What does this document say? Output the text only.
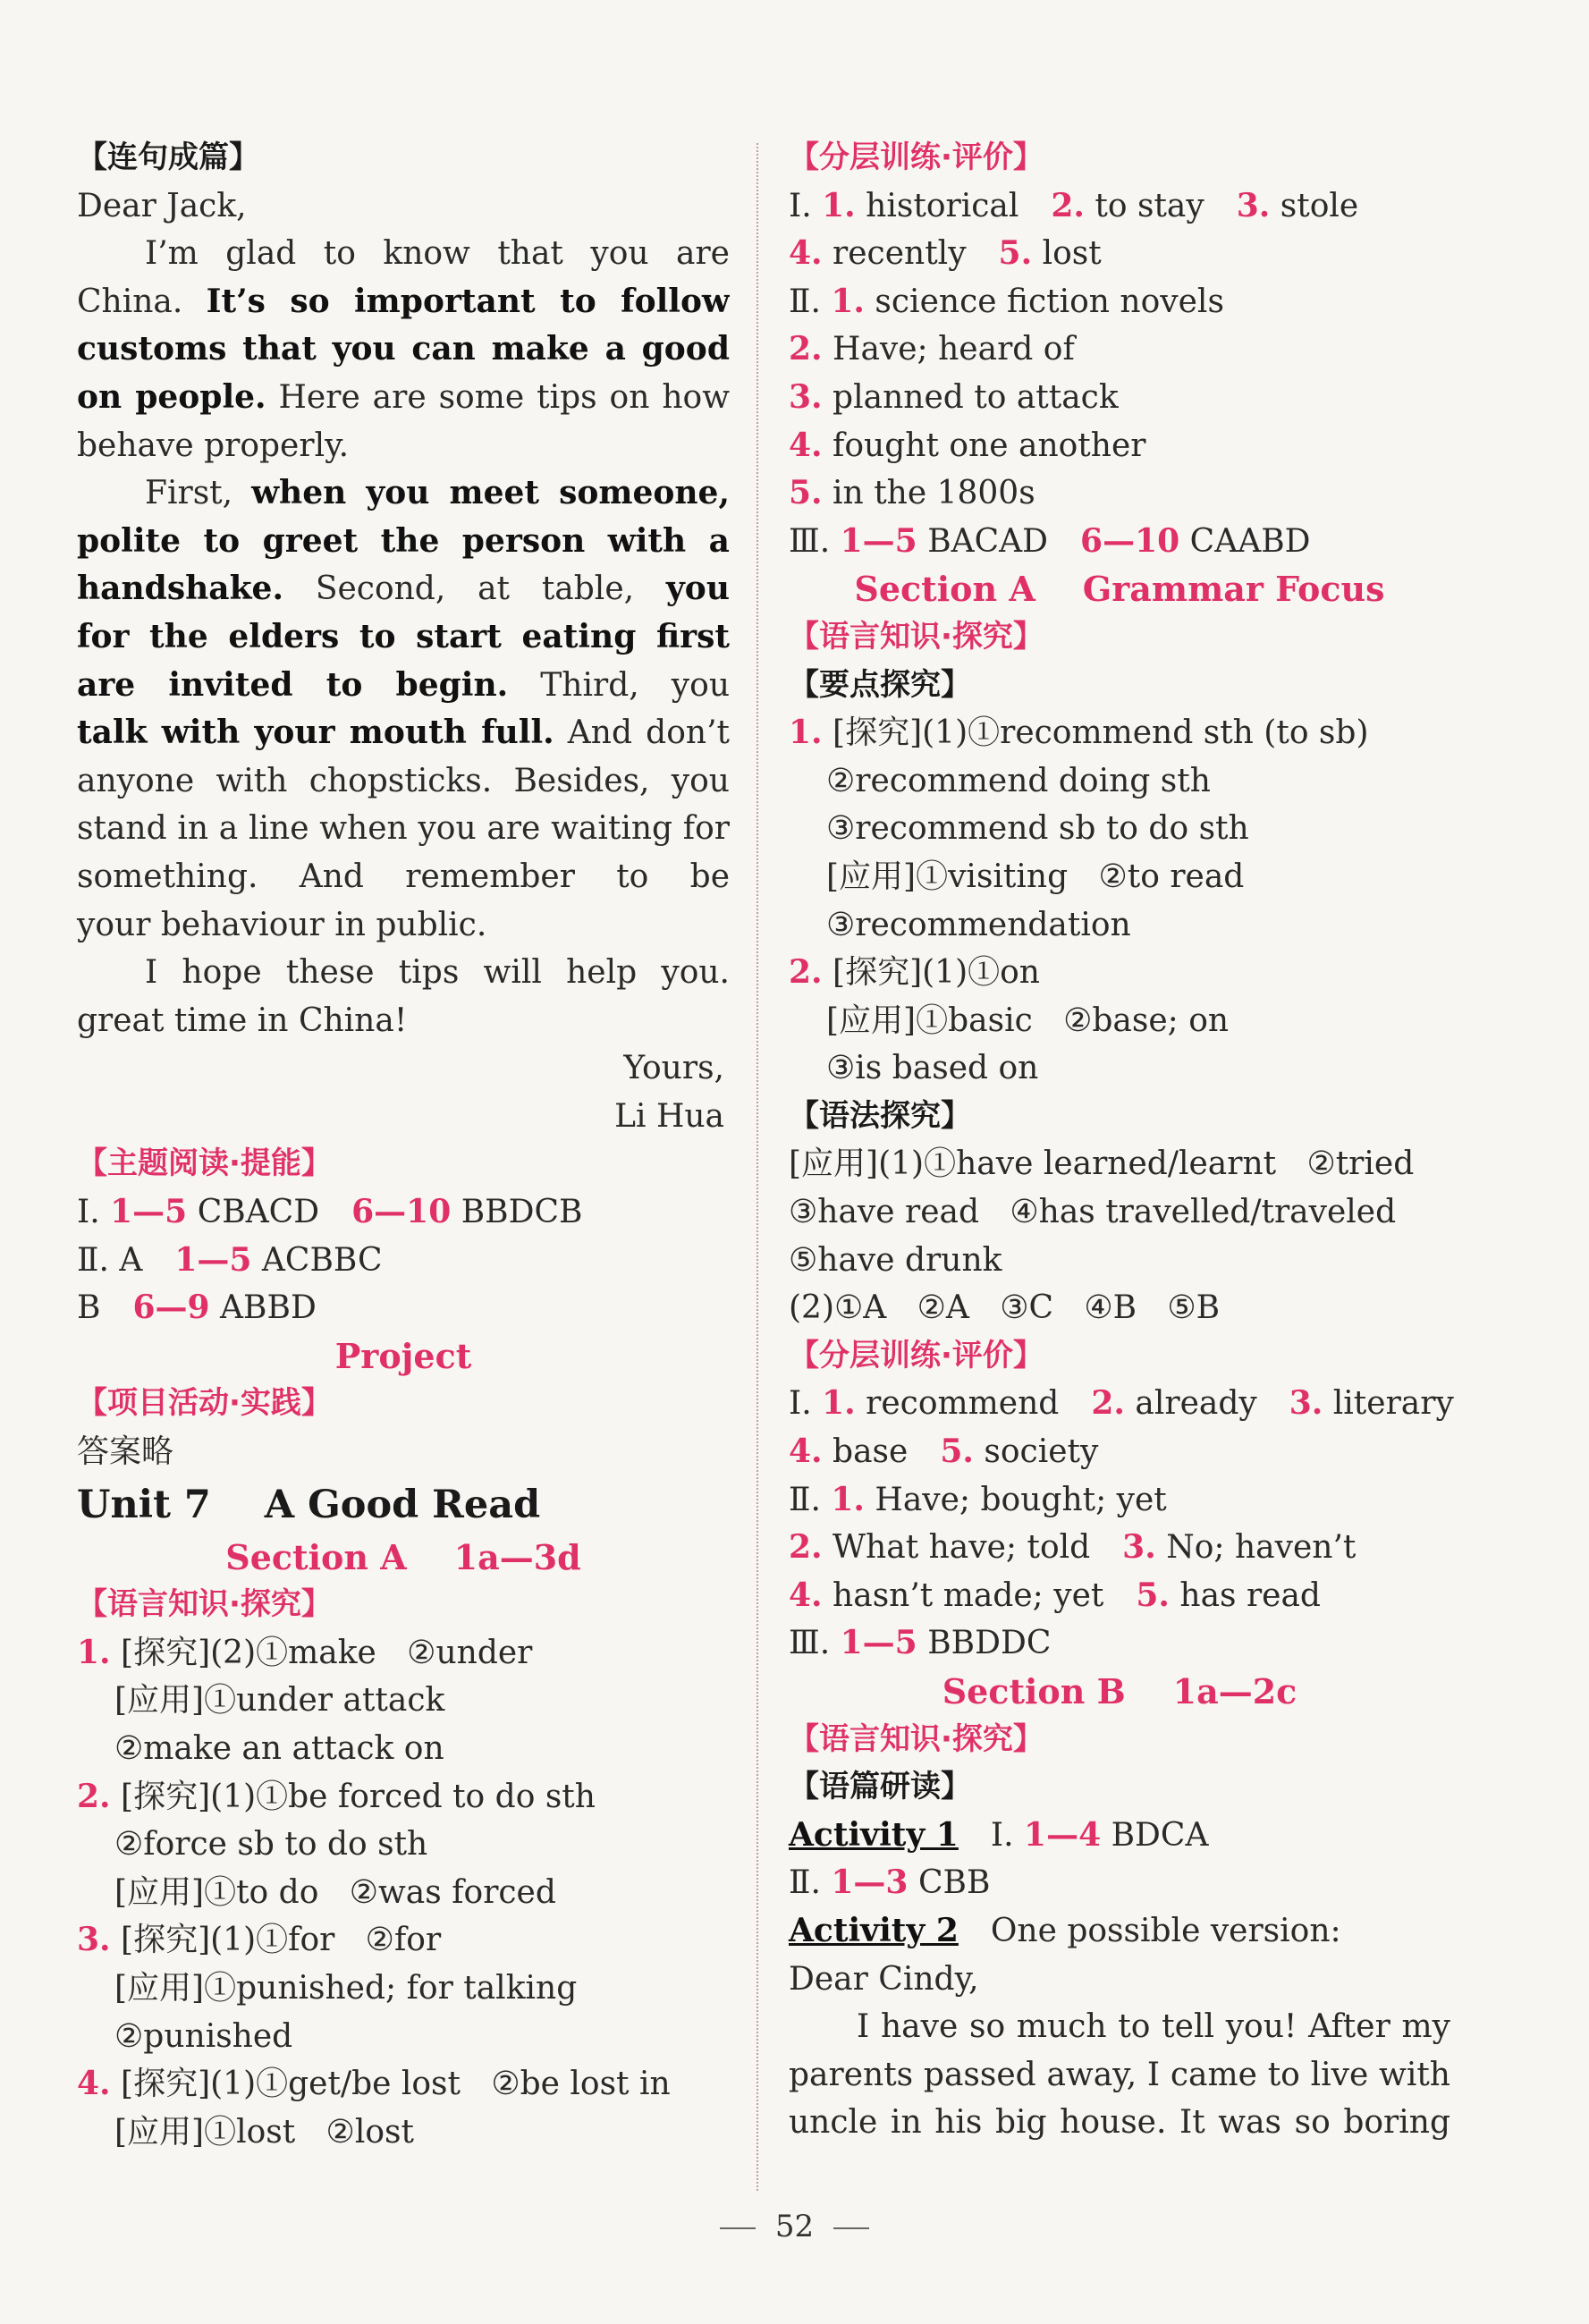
【连句成篇】
Dear Jack,
I’m glad to know that you are
China. It’s so important to follow
customs that you can make a good
on people. Here are some tips on how
behave properly.
First, when you meet someone,
polite to greet the person with a
handshake. Second, at table, you
for the elders to start eating first
are invited to begin. Third, you
talk with your mouth full. And don’t
anyone with chopsticks. Besides, you
stand in a line when you are waiting for
something. And remember to be
your behaviour in public.
I hope these tips will help you.
great time in China!
Yours,
Li Hua
【主题阅读·提能】
Ⅰ. 1—5 CBACD 6—10 BBDCB
Ⅱ. A 1—5 ACBBC
B 6—9 ABBD
Project
【项目活动·实践】
答案略
Unit 7    A Good Read
Section A    1a—3d
【语言知识·探究】
1. [探究](2)①make   ②under
[应用]①under attack
②make an attack on
2. [探究](1)①be forced to do sth
②force sb to do sth
[应用]①to do   ②was forced
3. [探究](1)①for   ②for
[应用]①punished; for talking
②punished
4. [探究](1)①get/be lost   ②be lost in
[应用]①lost   ②lost
【分层训练·评价】
Ⅰ. 1. historical 2. to stay 3. stole
4. recently 5. lost
Ⅱ. 1. science fiction novels
2. Have; heard of
3. planned to attack
4. fought one another
5. in the 1800s
Ⅲ. 1—5 BACAD 6—10 CAABD
Section A    Grammar Focus
【语言知识·探究】
【要点探究】
1. [探究](1)①recommend sth (to sb)
②recommend doing sth
③recommend sb to do sth
[应用]①visiting   ②to read
③recommendation
2. [探究](1)①on
[应用]①basic   ②base; on
③is based on
【语法探究】
[应用](1)①have learned/learnt   ②tried
③have read   ④has travelled/traveled
⑤have drunk
(2)①A   ②A   ③C   ④B   ⑤B
【分层训练·评价】
Ⅰ. 1. recommend 2. already 3. literary
4. base 5. society
Ⅱ. 1. Have; bought; yet
2. What have; told 3. No; haven’t
4. hasn’t made; yet 5. has read
Ⅲ. 1—5 BBDDC
Section B    1a—2c
【语言知识·探究】
【语篇研读】
Activity 1 Ⅰ. 1—4 BDCA
Ⅱ. 1—3 CBB
Activity 2 One possible version:
Dear Cindy,
I have so much to tell you! After my
parents passed away, I came to live with
uncle in his big house. It was so boring
52
